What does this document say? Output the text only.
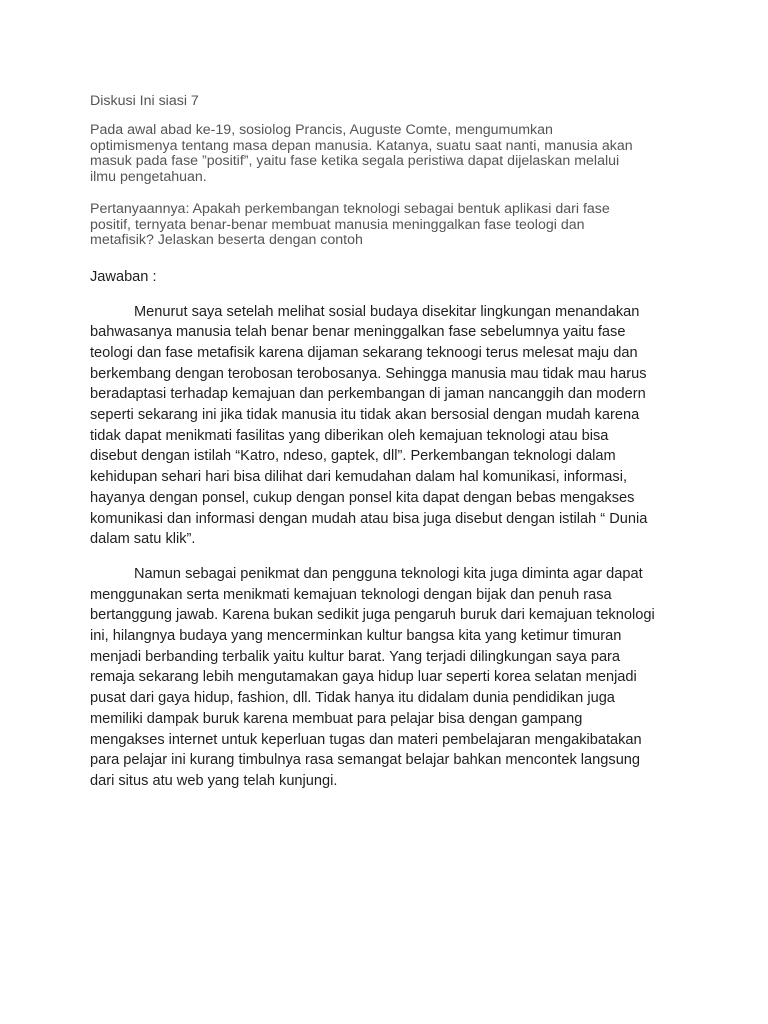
Diskusi Ini siasi 7
Pada awal abad ke-19, sosiolog Prancis, Auguste Comte, mengumumkan
optimismenya tentang masa depan manusia. Katanya, suatu saat nanti, manusia akan
masuk pada fase ”positif”, yaitu fase ketika segala peristiwa dapat dijelaskan melalui
ilmu pengetahuan.
Pertanyaannya: Apakah perkembangan teknologi sebagai bentuk aplikasi dari fase
positif, ternyata benar-benar membuat manusia meninggalkan fase teologi dan
metafisik? Jelaskan beserta dengan contoh
Jawaban :
Menurut saya setelah melihat sosial budaya disekitar lingkungan menandakan
bahwasanya manusia telah benar benar meninggalkan fase sebelumnya yaitu fase
teologi dan fase metafisik karena dijaman sekarang teknoogi terus melesat maju dan
berkembang dengan terobosan terobosanya. Sehingga manusia mau tidak mau harus
beradaptasi terhadap kemajuan dan perkembangan di jaman nancanggih dan modern
seperti sekarang ini jika tidak manusia itu tidak akan bersosial dengan mudah karena
tidak dapat menikmati fasilitas yang diberikan oleh kemajuan teknologi atau bisa
disebut dengan istilah “Katro, ndeso, gaptek, dll”. Perkembangan teknologi dalam
kehidupan sehari hari bisa dilihat dari kemudahan dalam hal komunikasi, informasi,
hayanya dengan ponsel, cukup dengan ponsel kita dapat dengan bebas mengakses
komunikasi dan informasi dengan mudah atau bisa juga disebut dengan istilah “ Dunia
dalam satu klik”.
Namun sebagai penikmat dan pengguna teknologi kita juga diminta agar dapat
menggunakan serta menikmati kemajuan teknologi dengan bijak dan penuh rasa
bertanggung jawab. Karena bukan sedikit juga pengaruh buruk dari kemajuan teknologi
ini, hilangnya budaya yang mencerminkan kultur bangsa kita yang ketimur timuran
menjadi berbanding terbalik yaitu kultur barat. Yang terjadi dilingkungan saya para
remaja sekarang lebih mengutamakan gaya hidup luar seperti korea selatan menjadi
pusat dari gaya hidup, fashion, dll. Tidak hanya itu didalam dunia pendidikan juga
memiliki dampak buruk karena membuat para pelajar bisa dengan gampang
mengakses internet untuk keperluan tugas dan materi pembelajaran mengakibatakan
para pelajar ini kurang timbulnya rasa semangat belajar bahkan mencontek langsung
dari situs atu web yang telah kunjungi.
